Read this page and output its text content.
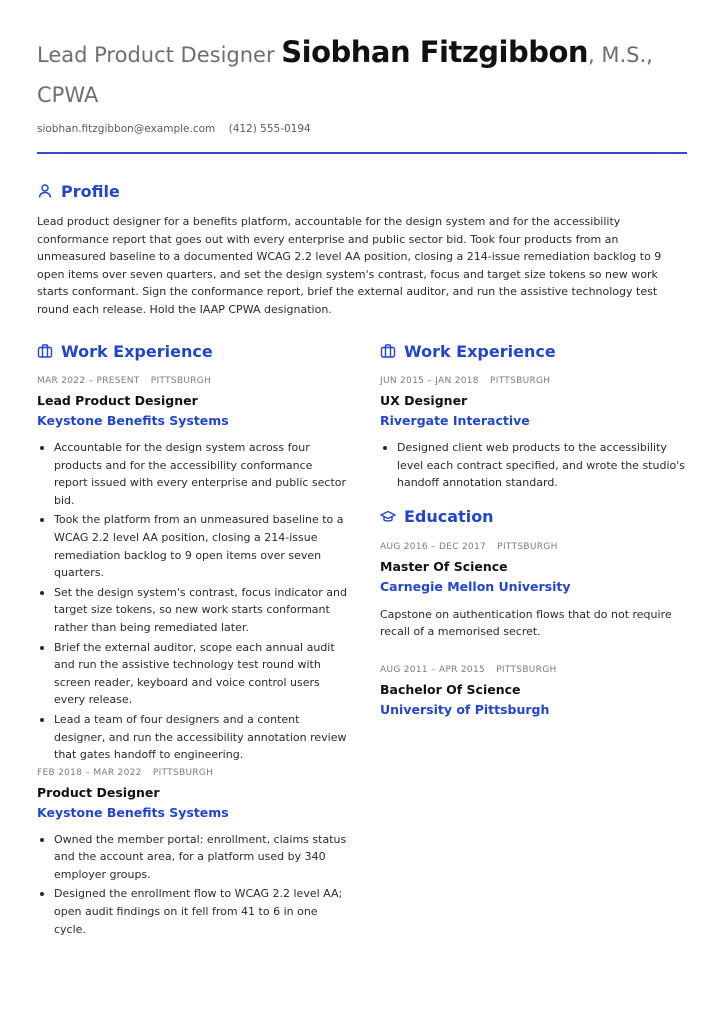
Lead Product Designer Siobhan Fitzgibbon, M.S., CPWA
siobhan.fitzgibbon@example.com (412) 555-0194
Profile

Lead product designer for a benefits platform, accountable for the design system and for the accessibility conformance report that goes out with every enterprise and public sector bid. Took four products from an unmeasured baseline to a documented WCAG 2.2 level AA position, closing a 214-issue remediation backlog to 9 open items over seven quarters, and set the design system's contrast, focus and target size tokens so new work starts conformant. Sign the conformance report, brief the external auditor, and run the assistive technology test round each release. Hold the IAAP CPWA designation.

Work Experience
MAR 2022 – PRESENT PITTSBURGH
Lead Product Designer
Keystone Benefits Systems
Accountable for the design system across four products and for the accessibility conformance report issued with every enterprise and public sector bid.
Took the platform from an unmeasured baseline to a WCAG 2.2 level AA position, closing a 214-issue remediation backlog to 9 open items over seven quarters.
Set the design system's contrast, focus indicator and target size tokens, so new work starts conformant rather than being remediated later.
Brief the external auditor, scope each annual audit and run the assistive technology test round with screen reader, keyboard and voice control users every release.
Lead a team of four designers and a content designer, and run the accessibility annotation review that gates handoff to engineering.
FEB 2018 – MAR 2022 PITTSBURGH
Product Designer
Keystone Benefits Systems
Owned the member portal: enrollment, claims status and the account area, for a platform used by 340 employer groups.
Designed the enrollment flow to WCAG 2.2 level AA; open audit findings on it fell from 41 to 6 in one cycle.
Work Experience
JUN 2015 – JAN 2018 PITTSBURGH
UX Designer
Rivergate Interactive
Designed client web products to the accessibility level each contract specified, and wrote the studio's handoff annotation standard.
Education
AUG 2016 – DEC 2017 PITTSBURGH
Master Of Science
Carnegie Mellon University
Capstone on authentication flows that do not require recall of a memorised secret.
AUG 2011 – APR 2015 PITTSBURGH
Bachelor Of Science
University of Pittsburgh
